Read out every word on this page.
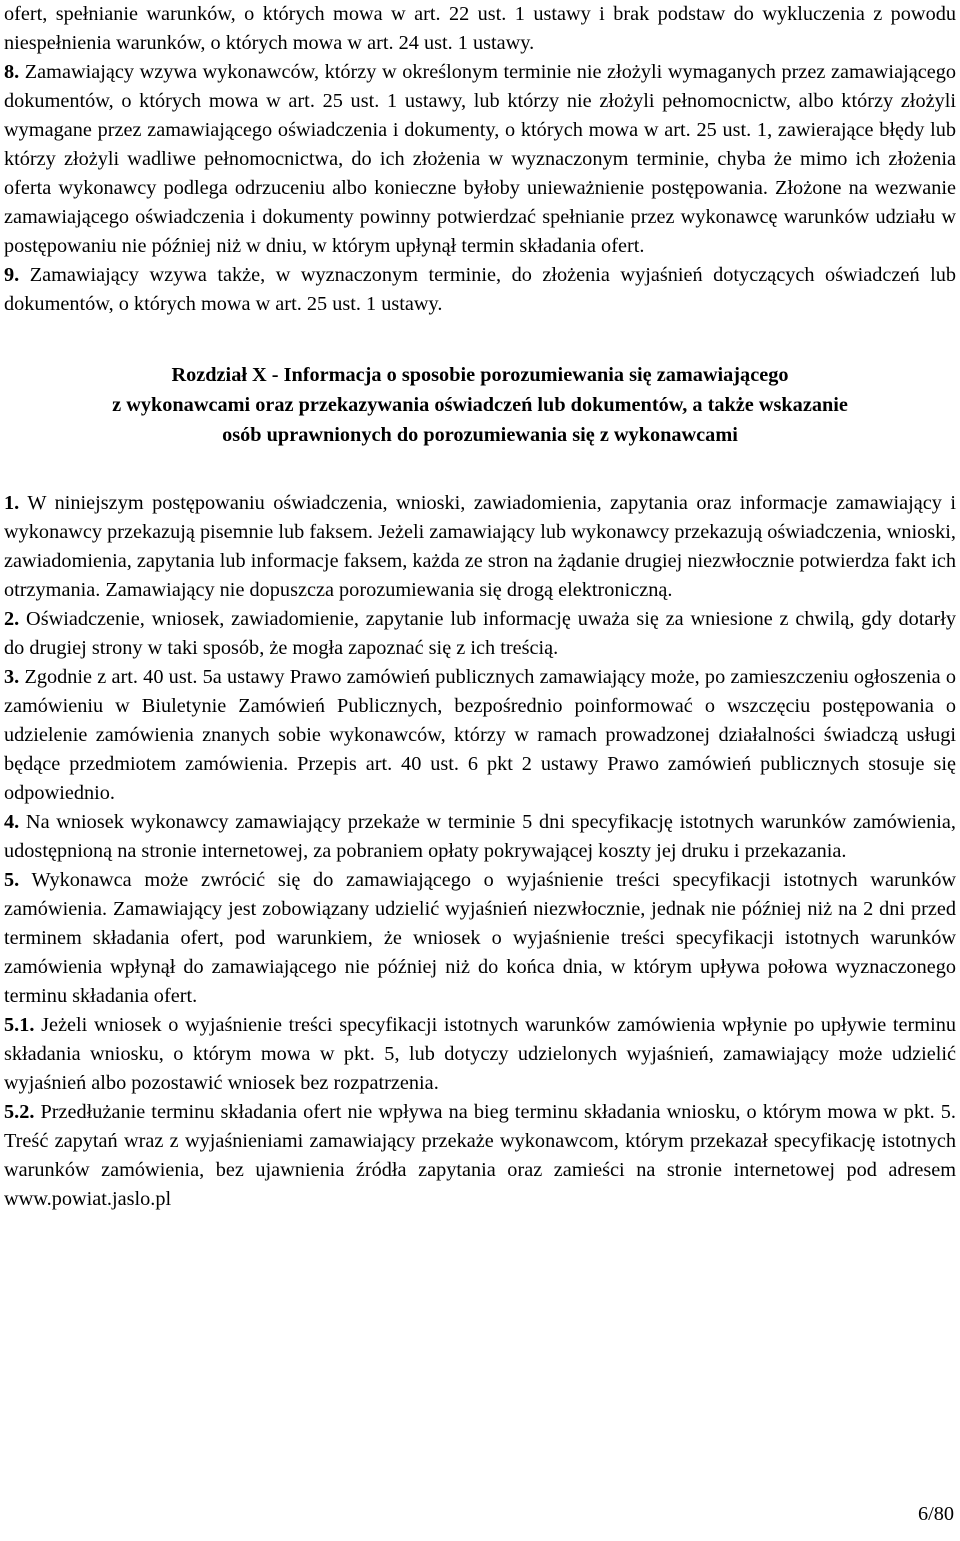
ofert, spełnianie warunków, o których mowa w art. 22 ust. 1 ustawy i brak podstaw do wykluczenia z powodu niespełnienia warunków, o których mowa w art. 24 ust. 1 ustawy.

8. Zamawiający wzywa wykonawców, którzy w określonym terminie nie złożyli wymaganych przez zamawiającego dokumentów, o których mowa w art. 25 ust. 1 ustawy, lub którzy nie złożyli pełnomocnictw, albo którzy złożyli wymagane przez zamawiającego oświadczenia i dokumenty, o których mowa w art. 25 ust. 1, zawierające błędy lub którzy złożyli wadliwe pełnomocnictwa, do ich złożenia w wyznaczonym terminie, chyba że mimo ich złożenia oferta wykonawcy podlega odrzuceniu albo konieczne byłoby unieważnienie postępowania. Złożone na wezwanie zamawiającego oświadczenia i dokumenty powinny potwierdzać spełnianie przez wykonawcę warunków udziału w postępowaniu nie później niż w dniu, w którym upłynął termin składania ofert.

9. Zamawiający wzywa także, w wyznaczonym terminie, do złożenia wyjaśnień dotyczących oświadczeń lub dokumentów, o których mowa w art. 25 ust. 1 ustawy.

Rozdział X - Informacja o sposobie porozumiewania się zamawiającego
z wykonawcami oraz przekazywania oświadczeń lub dokumentów, a także wskazanie
osób uprawnionych do porozumiewania się z wykonawcami

1. W niniejszym postępowaniu oświadczenia, wnioski, zawiadomienia, zapytania oraz informacje zamawiający i wykonawcy przekazują pisemnie lub faksem. Jeżeli zamawiający lub wykonawcy przekazują oświadczenia, wnioski, zawiadomienia, zapytania lub informacje faksem, każda ze stron na żądanie drugiej niezwłocznie potwierdza fakt ich otrzymania. Zamawiający nie dopuszcza porozumiewania się drogą elektroniczną.

2. Oświadczenie, wniosek, zawiadomienie, zapytanie lub informację uważa się za wniesione z chwilą, gdy dotarły do drugiej strony w taki sposób, że mogła zapoznać się z ich treścią.

3. Zgodnie z art. 40 ust. 5a ustawy Prawo zamówień publicznych zamawiający może, po zamieszczeniu ogłoszenia o zamówieniu w Biuletynie Zamówień Publicznych, bezpośrednio poinformować o wszczęciu postępowania o udzielenie zamówienia znanych sobie wykonawców, którzy w ramach prowadzonej działalności świadczą usługi będące przedmiotem zamówienia. Przepis art. 40 ust. 6 pkt 2 ustawy Prawo zamówień publicznych stosuje się odpowiednio.

4. Na wniosek wykonawcy zamawiający przekaże w terminie 5 dni specyfikację istotnych warunków zamówienia, udostępnioną na stronie internetowej, za pobraniem opłaty pokrywającej koszty jej druku i przekazania.

5. Wykonawca może zwrócić się do zamawiającego o wyjaśnienie treści specyfikacji istotnych warunków zamówienia. Zamawiający jest zobowiązany udzielić wyjaśnień niezwłocznie, jednak nie później niż na 2 dni przed terminem składania ofert, pod warunkiem, że wniosek o wyjaśnienie treści specyfikacji istotnych warunków zamówienia wpłynął do zamawiającego nie później niż do końca dnia, w którym upływa połowa wyznaczonego terminu składania ofert.

5.1. Jeżeli wniosek o wyjaśnienie treści specyfikacji istotnych warunków zamówienia wpłynie po upływie terminu składania wniosku, o którym mowa w pkt. 5, lub dotyczy udzielonych wyjaśnień, zamawiający może udzielić wyjaśnień albo pozostawić wniosek bez rozpatrzenia.

5.2. Przedłużanie terminu składania ofert nie wpływa na bieg terminu składania wniosku, o którym mowa w pkt. 5. Treść zapytań wraz z wyjaśnieniami zamawiający przekaże wykonawcom, którym przekazał specyfikację istotnych warunków zamówienia, bez ujawnienia źródła zapytania oraz zamieści na stronie internetowej pod adresem www.powiat.jaslo.pl

6/80
